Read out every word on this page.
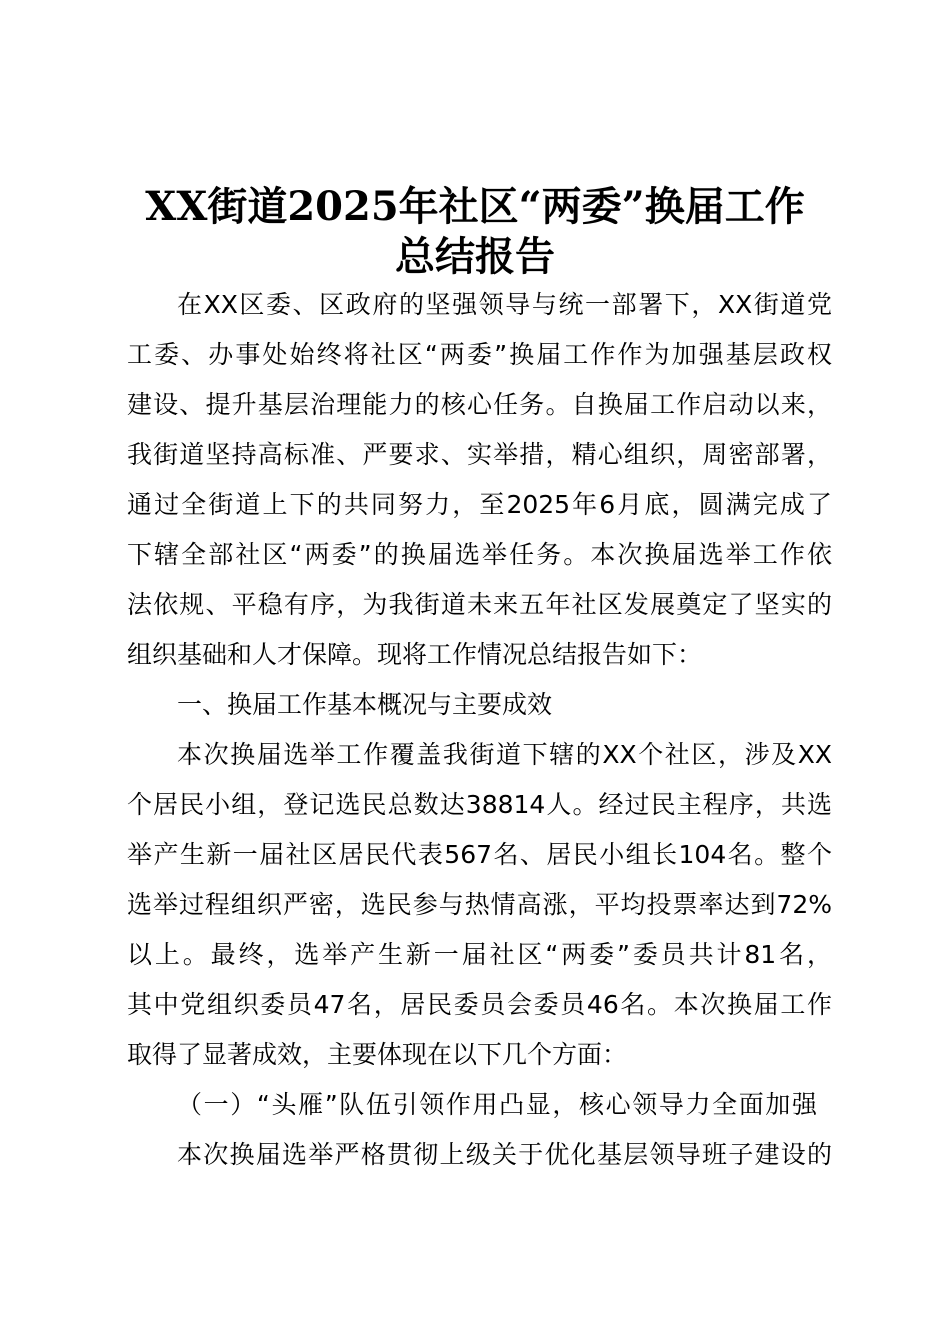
XX街道2025年社区“两委”换届工作
总结报告
在XX区委、区政府的坚强领导与统一部署下，XX街道党
工委、办事处始终将社区“两委”换届工作作为加强基层政权
建设、提升基层治理能力的核心任务。自换届工作启动以来，
我街道坚持高标准、严要求、实举措，精心组织，周密部署，
通过全街道上下的共同努力，至2025年6月底，圆满完成了
下辖全部社区“两委”的换届选举任务。本次换届选举工作依
法依规、平稳有序，为我街道未来五年社区发展奠定了坚实的
组织基础和人才保障。现将工作情况总结报告如下：
一、换届工作基本概况与主要成效
本次换届选举工作覆盖我街道下辖的XX个社区，涉及XX
个居民小组，登记选民总数达38814人。经过民主程序，共选
举产生新一届社区居民代表567名、居民小组长104名。整个
选举过程组织严密，选民参与热情高涨，平均投票率达到72%
以上。最终，选举产生新一届社区“两委”委员共计81名，
其中党组织委员47名，居民委员会委员46名。本次换届工作
取得了显著成效，主要体现在以下几个方面：
（一）“头雁”队伍引领作用凸显，核心领导力全面加强
本次换届选举严格贯彻上级关于优化基层领导班子建设的
